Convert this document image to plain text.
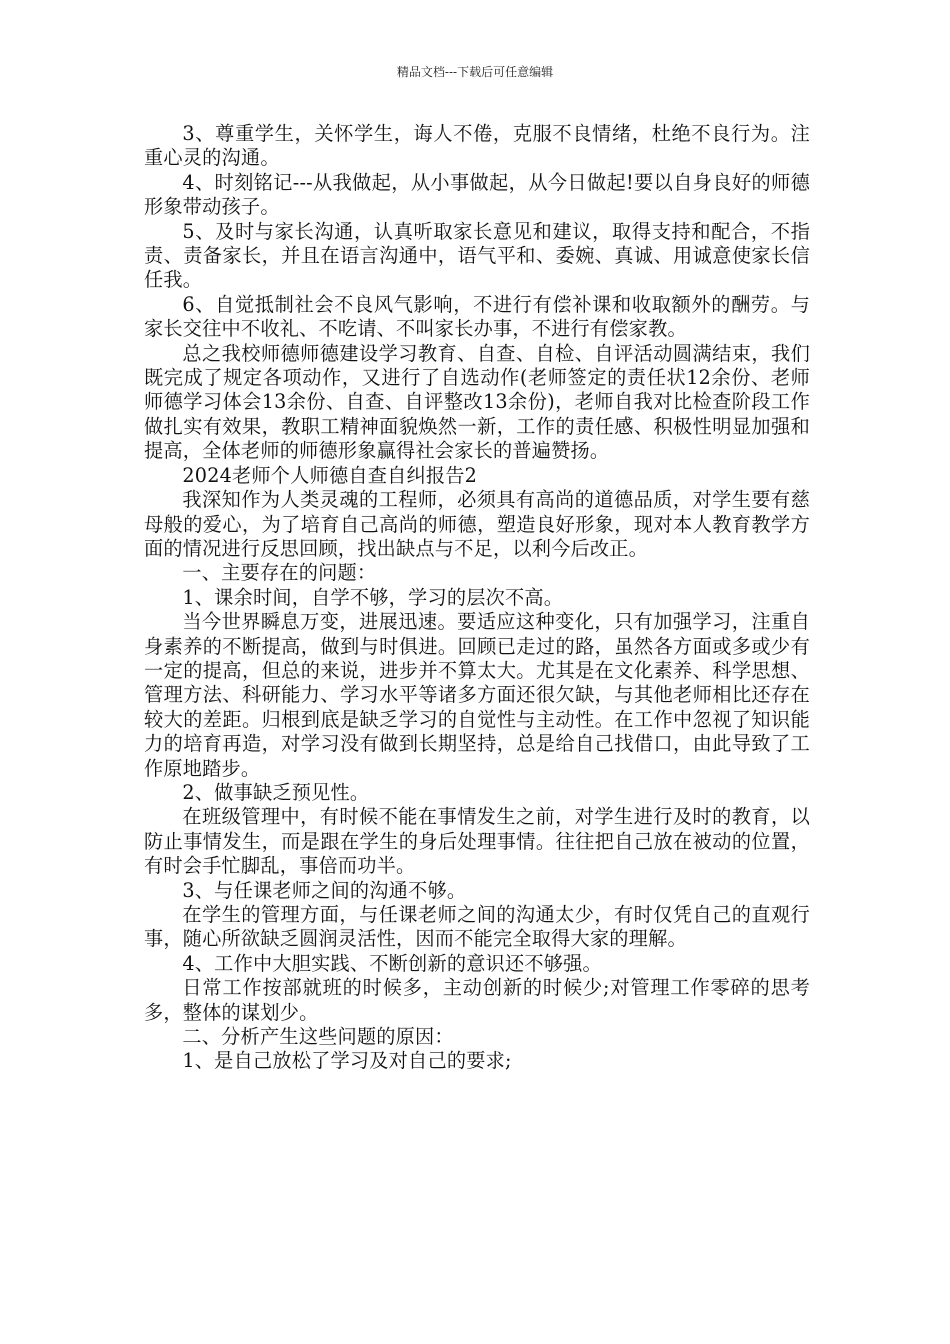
精品文档---下载后可任意编辑

3、尊重学生，关怀学生，诲人不倦，克服不良情绪，杜绝不良行为。注重心灵的沟通。

4、时刻铭记---从我做起，从小事做起，从今日做起!要以自身良好的师德形象带动孩子。

5、及时与家长沟通，认真听取家长意见和建议，取得支持和配合，不指责、责备家长，并且在语言沟通中，语气平和、委婉、真诚、用诚意使家长信任我。

6、自觉抵制社会不良风气影响，不进行有偿补课和收取额外的酬劳。与家长交往中不收礼、不吃请、不叫家长办事，不进行有偿家教。

总之我校师德师德建设学习教育、自查、自检、自评活动圆满结束，我们既完成了规定各项动作，又进行了自选动作(老师签定的责任状12余份、老师师德学习体会13余份、自查、自评整改13余份)，老师自我对比检查阶段工作做扎实有效果，教职工精神面貌焕然一新，工作的责任感、积极性明显加强和提高，全体老师的师德形象赢得社会家长的普遍赞扬。

2024老师个人师德自查自纠报告2

我深知作为人类灵魂的工程师，必须具有高尚的道德品质，对学生要有慈母般的爱心，为了培育自己高尚的师德，塑造良好形象，现对本人教育教学方面的情况进行反思回顾，找出缺点与不足，以利今后改正。

一、主要存在的问题：

1、课余时间，自学不够，学习的层次不高。

当今世界瞬息万变，进展迅速。要适应这种变化，只有加强学习，注重自身素养的不断提高，做到与时俱进。回顾已走过的路，虽然各方面或多或少有一定的提高，但总的来说，进步并不算太大。尤其是在文化素养、科学思想、管理方法、科研能力、学习水平等诸多方面还很欠缺，与其他老师相比还存在较大的差距。归根到底是缺乏学习的自觉性与主动性。在工作中忽视了知识能力的培育再造，对学习没有做到长期坚持，总是给自己找借口，由此导致了工作原地踏步。

2、做事缺乏预见性。

在班级管理中，有时候不能在事情发生之前，对学生进行及时的教育，以防止事情发生，而是跟在学生的身后处理事情。往往把自己放在被动的位置，有时会手忙脚乱，事倍而功半。

3、与任课老师之间的沟通不够。

在学生的管理方面，与任课老师之间的沟通太少，有时仅凭自己的直观行事，随心所欲缺乏圆润灵活性，因而不能完全取得大家的理解。

4、工作中大胆实践、不断创新的意识还不够强。

日常工作按部就班的时候多，主动创新的时候少;对管理工作零碎的思考多，整体的谋划少。

二、分析产生这些问题的原因：

1、是自己放松了学习及对自己的要求;
